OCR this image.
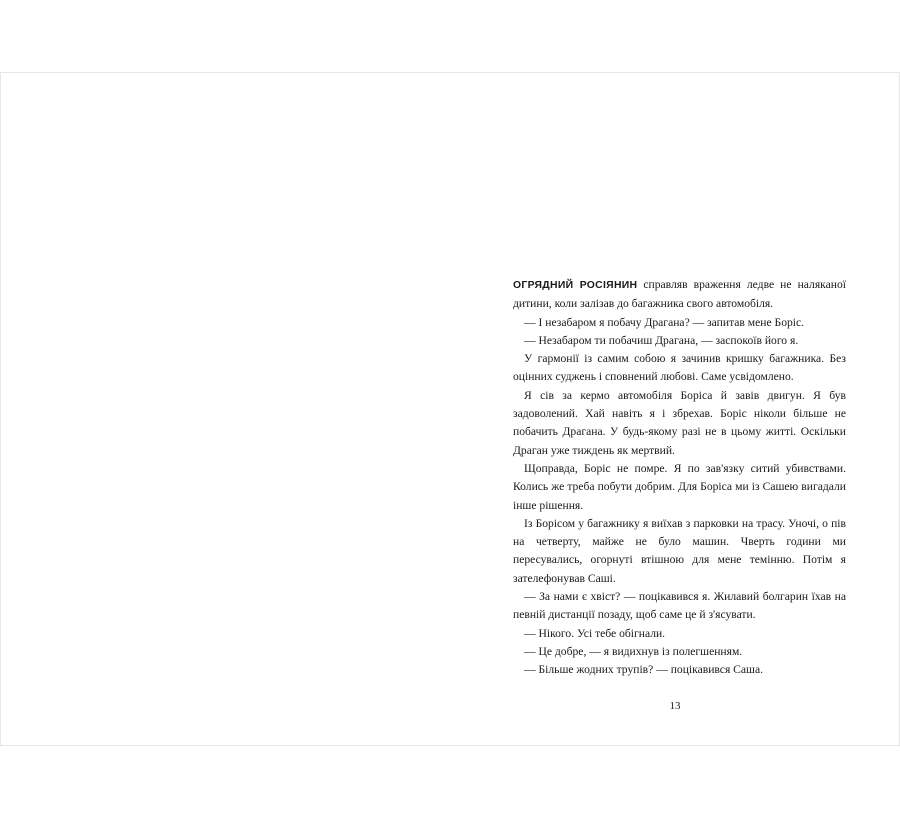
ОГРЯДНИЙ РОСІЯНИН справляв враження ледве не наляканої дитини, коли залізав до багажника свого автомобіля.

— І незабаром я побачу Драгана? — запитав мене Боріс.

— Незабаром ти побачиш Драгана, — заспокоїв його я.

У гармонії із самим собою я зачинив кришку багажника. Без оцінних суджень і сповнений любові. Саме усвідомлено.

Я сів за кермо автомобіля Боріса й завів двигун. Я був задоволений. Хай навіть я і збрехав. Боріс ніколи більше не побачить Драгана. У будь-якому разі не в цьому житті. Оскільки Драган уже тиждень як мертвий.

Щоправда, Боріс не помре. Я по зав'язку ситий убивствами. Колись же треба побути добрим. Для Боріса ми із Сашею вигадали інше рішення.

Із Борісом у багажнику я виїхав з парковки на трасу. Уночі, о пів на четверту, майже не було машин. Чверть години ми пересувались, огорнуті втішною для мене темінню. Потім я зателефонував Саші.

— За нами є хвіст? — поцікавився я. Жилавий болгарин їхав на певній дистанції позаду, щоб саме це й з'ясувати.

— Нікого. Усі тебе обігнали.

— Це добре, — я видихнув із полегшенням.

— Більше жодних трупів? — поцікавився Саша.

13
